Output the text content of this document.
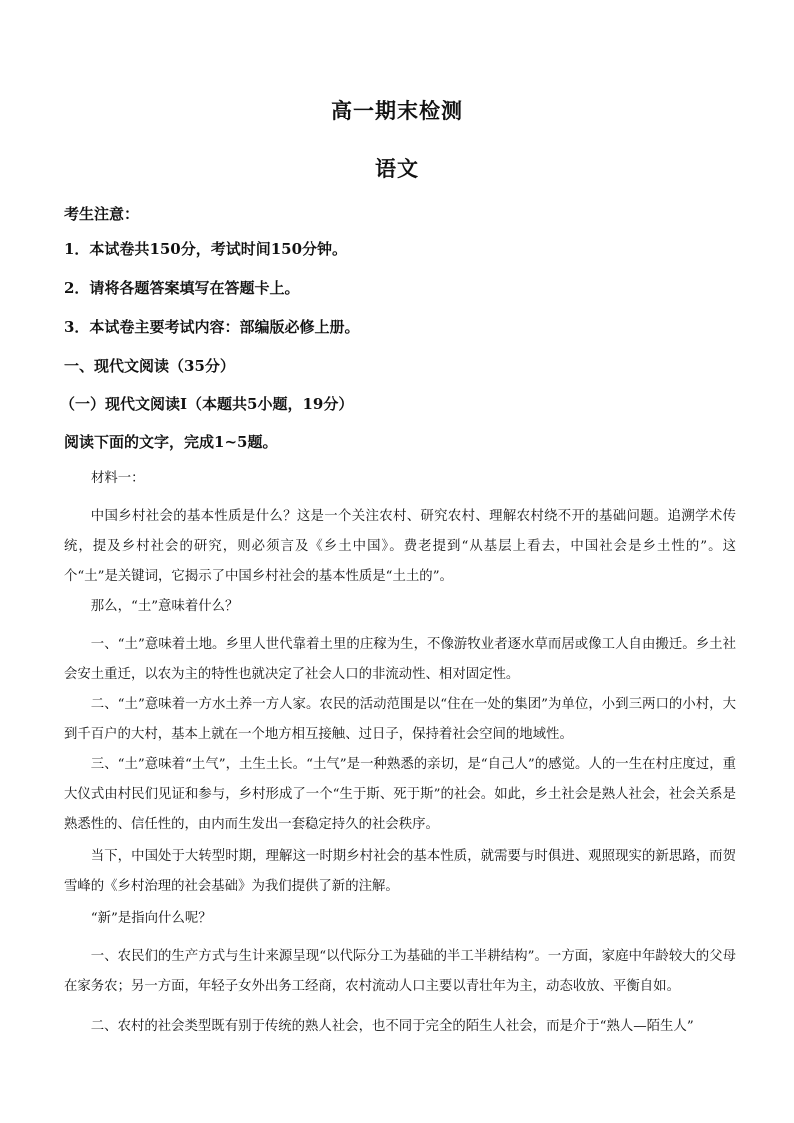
高一期末检测
语文
考生注意：
1．本试卷共150分，考试时间150分钟。
2．请将各题答案填写在答题卡上。
3．本试卷主要考试内容：部编版必修上册。
一、现代文阅读（35分）
（一）现代文阅读Ⅰ（本题共5小题，19分）
阅读下面的文字，完成1~5题。
材料一：
中国乡村社会的基本性质是什么？这是一个关注农村、研究农村、理解农村绕不开的基础问题。追溯学术传统，提及乡村社会的研究，则必须言及《乡土中国》。费老提到“从基层上看去，中国社会是乡土性的”。这个“土”是关键词，它揭示了中国乡村社会的基本性质是“土土的”。
那么，“土”意味着什么？
一、“土”意味着土地。乡里人世代靠着土里的庄稼为生，不像游牧业者逐水草而居或像工人自由搬迁。乡土社会安土重迁，以农为主的特性也就决定了社会人口的非流动性、相对固定性。
二、“土”意味着一方水土养一方人家。农民的活动范围是以“住在一处的集团”为单位，小到三两口的小村，大到千百户的大村，基本上就在一个地方相互接触、过日子，保持着社会空间的地域性。
三、“土”意味着“土气”，土生土长。“土气”是一种熟悉的亲切，是“自己人”的感觉。人的一生在村庄度过，重大仪式由村民们见证和参与，乡村形成了一个“生于斯、死于斯”的社会。如此，乡土社会是熟人社会，社会关系是熟悉性的、信任性的，由内而生发出一套稳定持久的社会秩序。
当下，中国处于大转型时期，理解这一时期乡村社会的基本性质，就需要与时俱进、观照现实的新思路，而贺雪峰的《乡村治理的社会基础》为我们提供了新的注解。
“新”是指向什么呢？
一、农民们的生产方式与生计来源呈现“以代际分工为基础的半工半耕结构”。一方面，家庭中年龄较大的父母在家务农；另一方面，年轻子女外出务工经商，农村流动人口主要以青壮年为主，动态收放、平衡自如。
二、农村的社会类型既有别于传统的熟人社会，也不同于完全的陌生人社会，而是介于“熟人—陌生人”
